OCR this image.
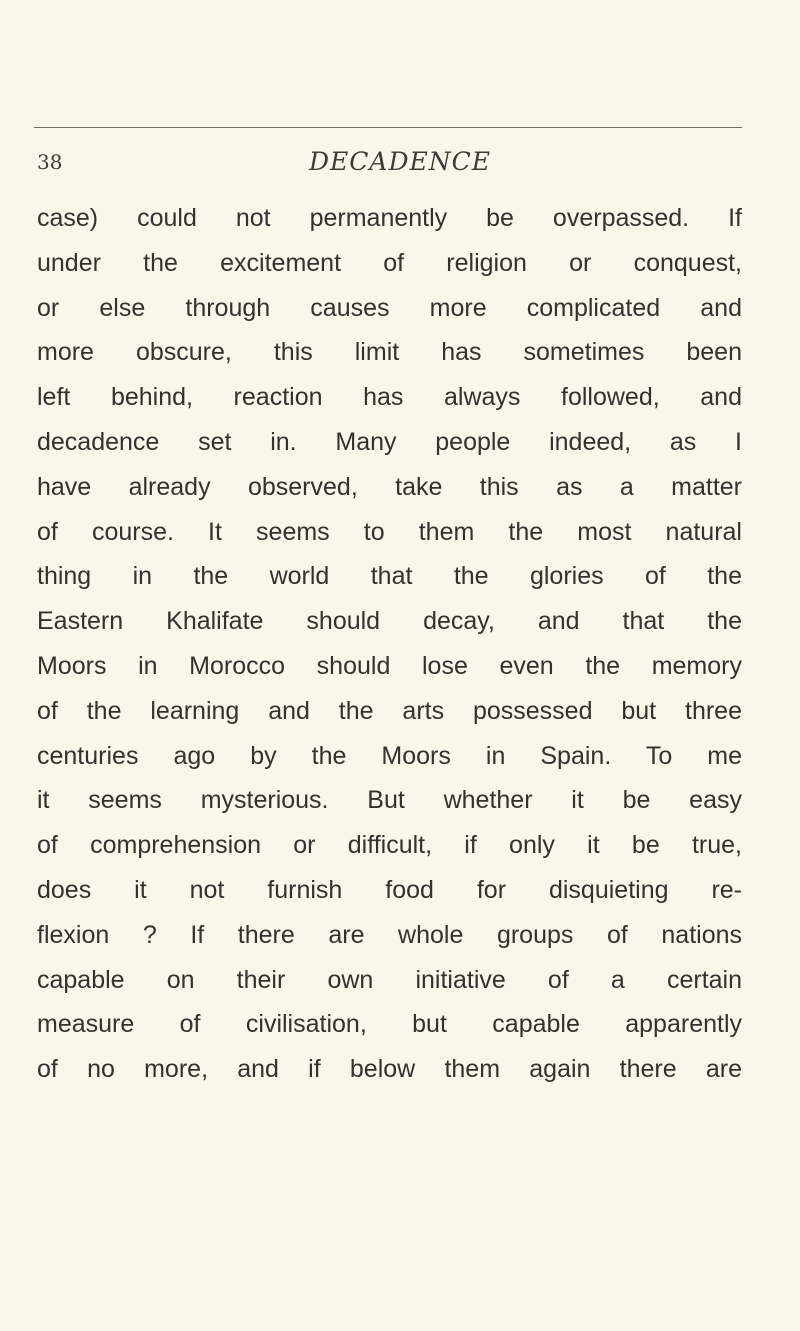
38	DECADENCE
case) could not permanently be overpassed. If
under the excitement of religion or conquest,
or else through causes more complicated and
more obscure, this limit has sometimes been
left behind, reaction has always followed, and
decadence set in. Many people indeed, as I
have already observed, take this as a matter
of course. It seems to them the most natural
thing in the world that the glories of the
Eastern Khalifate should decay, and that the
Moors in Morocco should lose even the memory
of the learning and the arts possessed but three
centuries ago by the Moors in Spain. To me
it seems mysterious. But whether it be easy
of comprehension or difficult, if only it be true,
does it not furnish food for disquieting re-
flexion ? If there are whole groups of nations
capable on their own initiative of a certain
measure of civilisation, but capable apparently
of no more, and if below them again there are
